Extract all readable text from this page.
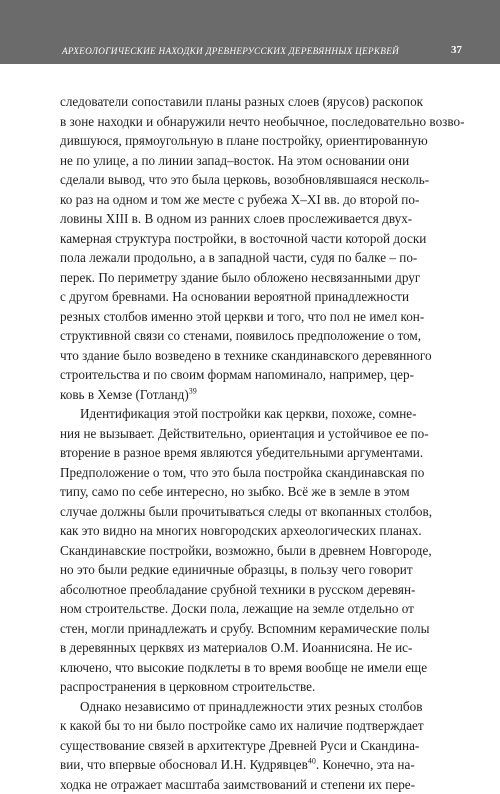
АРХЕОЛОГИЧЕСКИЕ НАХОДКИ ДРЕВНЕРУССКИХ ДЕРЕВЯННЫХ ЦЕРКВЕЙ	37
следователи сопоставили планы разных слоев (ярусов) раскопок
в зоне находки и обнаружили нечто необычное, последовательно возво-
дившуюся, прямоугольную в плане постройку, ориентированную
не по улице, а по линии запад–восток. На этом основании они
сделали вывод, что это была церковь, возобновлявшаяся несколь-
ко раз на одном и том же месте с рубежа X–XI вв. до второй по-
ловины XIII в. В одном из ранних слоев прослеживается двух-
камерная структура постройки, в восточной части которой доски
пола лежали продольно, а в западной части, судя по балке – по-
перек. По периметру здание было обложено несвязанными друг
с другом бревнами. На основании вероятной принадлежности
резных столбов именно этой церкви и того, что пол не имел кон-
структивной связи со стенами, появилось предположение о том,
что здание было возведено в технике скандинавского деревянного
строительства и по своим формам напоминало, например, цер-
ковь в Хемзе (Готланд)$^{39}$
Идентификация этой постройки как церкви, похоже, сомне-
ния не вызывает. Действительно, ориентация и устойчивое ее по-
вторение в разное время являются убедительными аргументами.
Предположение о том, что это была постройка скандинавская по
типу, само по себе интересно, но зыбко. Всё же в земле в этом
случае должны были прочитываться следы от вкопанных столбов,
как это видно на многих новгородских археологических планах.
Скандинавские постройки, возможно, были в древнем Новгороде,
но это были редкие единичные образцы, в пользу чего говорит
абсолютное преобладание срубной техники в русском деревян-
ном строительстве. Доски пола, лежащие на земле отдельно от
стен, могли принадлежать и срубу. Вспомним керамические полы
в деревянных церквях из материалов О.М. Иоаннисяна. Не ис-
ключено, что высокие подклеты в то время вообще не имели еще
распространения в церковном строительстве.
Однако независимо от принадлежности этих резных столбов
к какой бы то ни было постройке само их наличие подтверждает
существование связей в архитектуре Древней Руси и Скандина-
вии, что впервые обосновал И.Н. Кудрявцев$^{40}$. Конечно, эта на-
ходка не отражает масштаба заимствований и степени их пере-
